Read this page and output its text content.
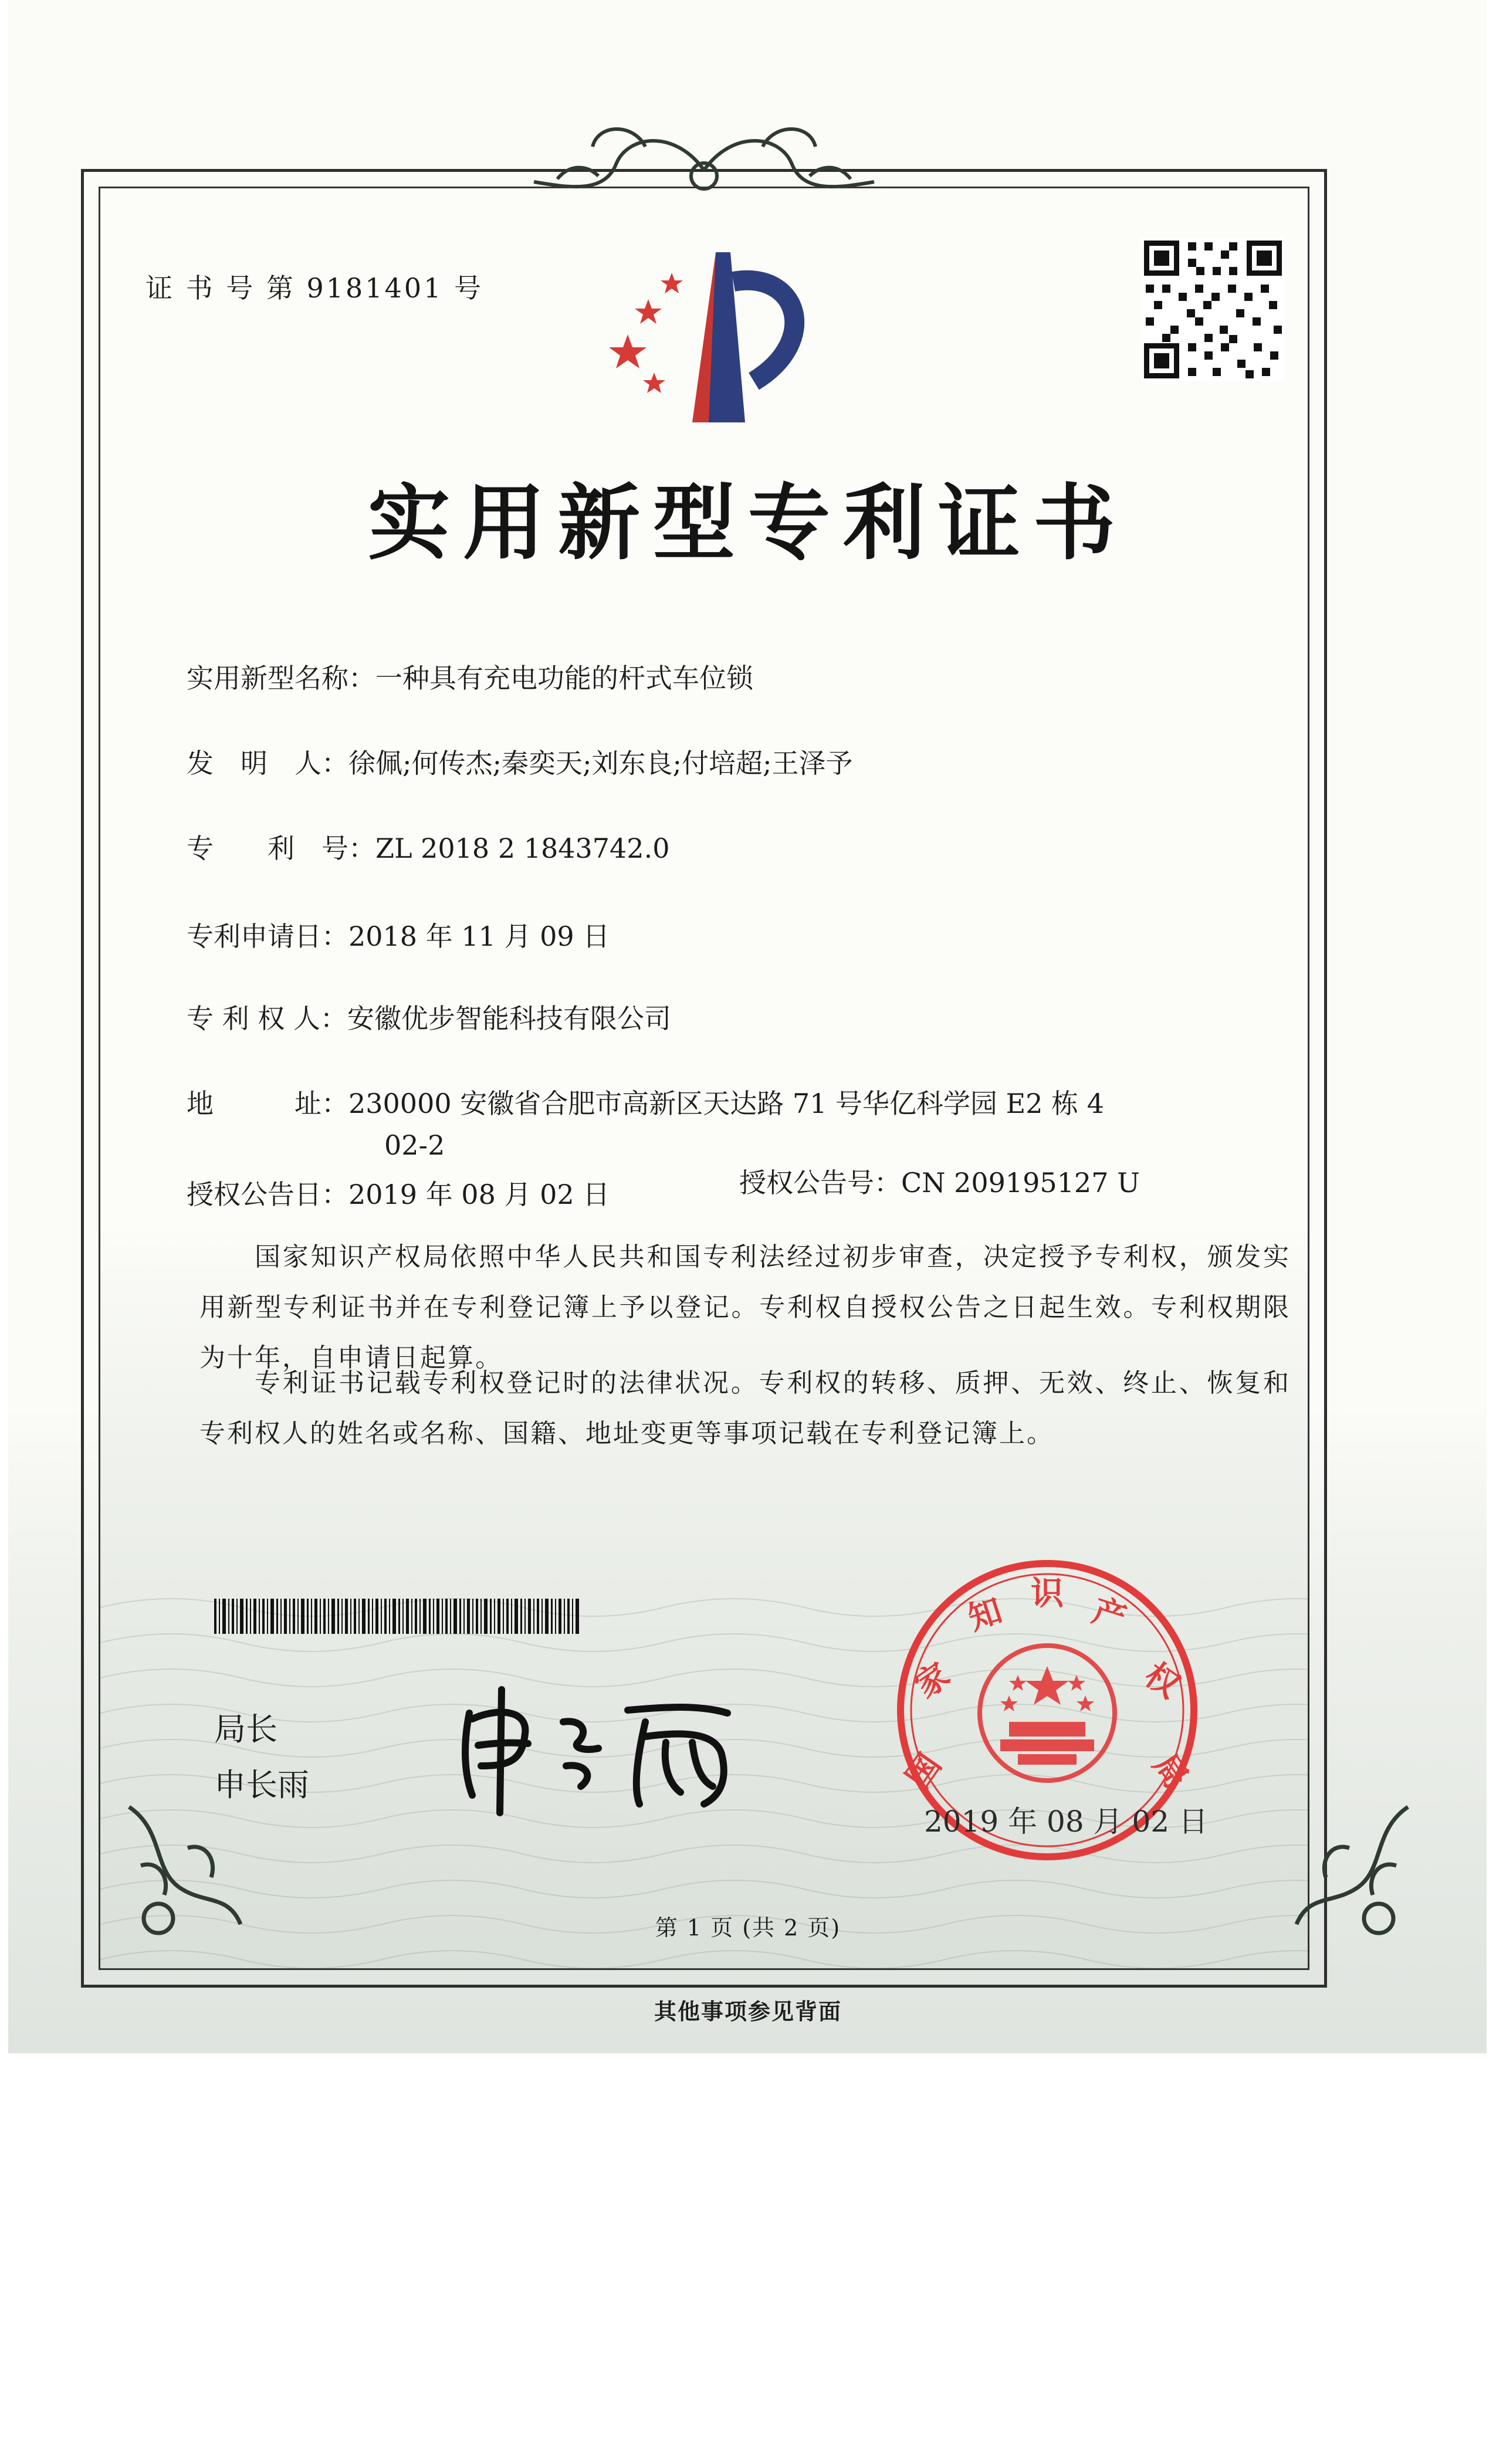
证 书 号 第 9181401 号
实用新型专利证书
实用新型名称：一种具有充电功能的杆式车位锁
发　明　人：徐佩;何传杰;秦奕天;刘东良;付培超;王泽予
专　　利　号：ZL 2018 2 1843742.0
专利申请日：2018 年 11 月 09 日
专 利 权 人：安徽优步智能科技有限公司
地　　　址：230000 安徽省合肥市高新区天达路 71 号华亿科学园 E2 栋 4
02-2
授权公告日：2019 年 08 月 02 日	授权公告号：CN 209195127 U
国家知识产权局依照中华人民共和国专利法经过初步审查，决定授予专利权，颁发实用新型专利证书并在专利登记簿上予以登记。专利权自授权公告之日起生效。专利权期限为十年，自申请日起算。
专利证书记载专利权登记时的法律状况。专利权的转移、质押、无效、终止、恢复和专利权人的姓名或名称、国籍、地址变更等事项记载在专利登记簿上。
局长
申长雨	国
家
知 识 产
权
局
2019 年 08 月 02 日
第 1 页 (共 2 页)
其他事项参见背面
